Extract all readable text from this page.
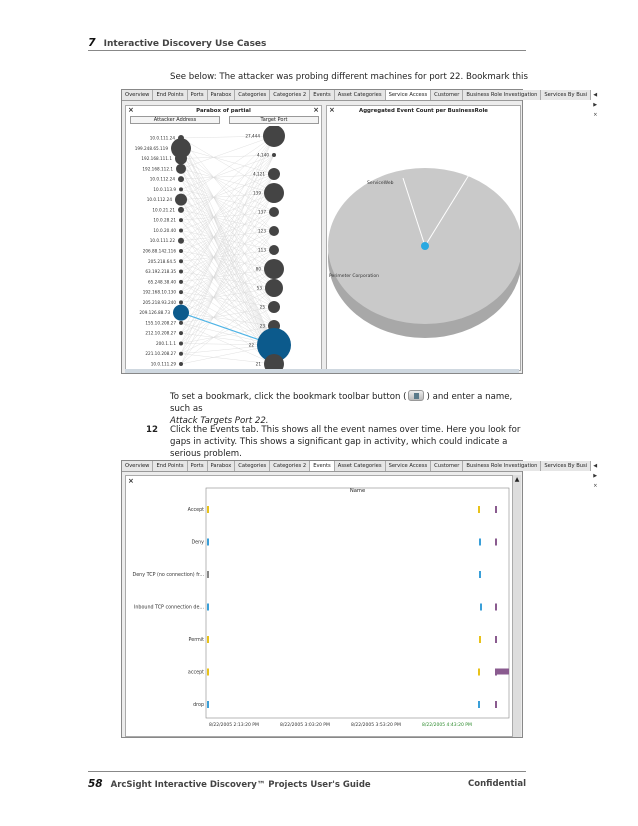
7 Interactive Discovery Use Cases
See below: The attacker was probing different machines for port 22. Bookmark this
Overview	End Points	Ports	Parabox	Categories	Categories 2	Events	Asset Categories	Service Access	Customer	Business Role Investigation	Services By Busi	◀ ▶ ×
Parabox of partial
×	×
Attacker Address	Target Port
10.0.111.24
199.248.65.119
192.168.111.1
192.168.112.1
10.0.112.24
10.0.113.9
10.0.112.24
10.0.21.21
10.0.28.21
10.0.20.40
10.0.111.22
206.88.142.116
205.218.64.5
63.192.218.35
65.248.38.40
192.168.10.130
205.218.93.240
209.126.88.73
155.10.208.27
212.10.208.27
200.1.1.1
221.10.208.27
10.0.111.29
27,444
4,140
4,121
139
137
123
113
80
53
25
23
22
21
Aggregated Event Count per BusinessRole
×
ServiceWeb
Perimeter Corporation
To set a bookmark, click the bookmark toolbar button ( ) and enter a name, such as
Attack Targets Port 22.
12 Click the Events tab. This shows all the event names over time. Here you look for gaps in activity. This shows a significant gap in activity, which could indicate a serious problem.
Overview	End Points	Ports	Parabox	Categories	Categories 2	Events	Asset Categories	Service Access	Customer	Business Role Investigation	Services By Busi	◀ ▶ ×
×
Name
Accept
Deny
Deny TCP (no connection) fr...
Inbound TCP connection de...
Permit
accept
drop
8/22/2005 2:13:20 PM	8/22/2005 3:03:20 PM	8/22/2005 3:53:20 PM	8/22/2005 4:43:20 PM
▲
58 ArcSight Interactive Discovery™ Projects User's Guide	Confidential
